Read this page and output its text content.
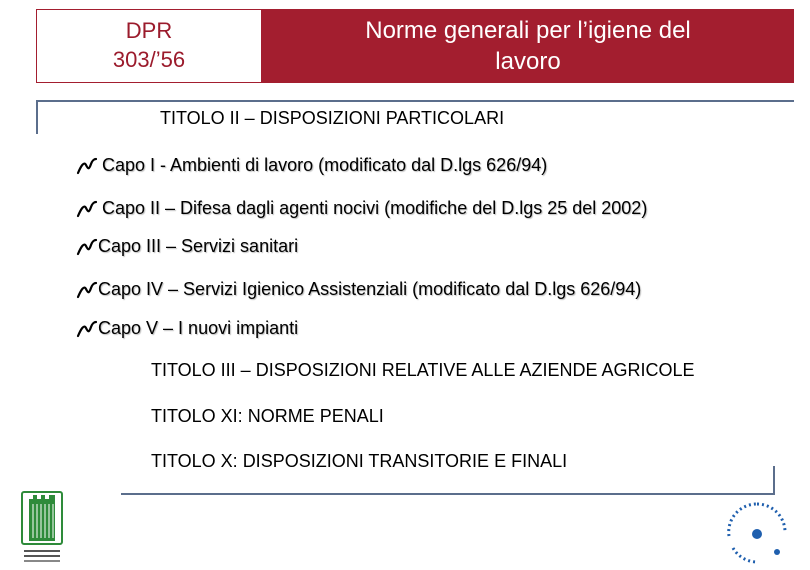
DPR
303/’56
Norme generali per l’igiene del
lavoro
TITOLO II – DISPOSIZIONI PARTICOLARI
Capo I - Ambienti di lavoro (modificato dal D.lgs 626/94)
Capo II – Difesa dagli agenti nocivi (modifiche del D.lgs 25 del 2002)
Capo III – Servizi sanitari
Capo IV – Servizi Igienico Assistenziali (modificato dal D.lgs 626/94)
Capo V – I nuovi impianti
TITOLO III – DISPOSIZIONI RELATIVE ALLE AZIENDE AGRICOLE
TITOLO XI: NORME PENALI
TITOLO X: DISPOSIZIONI TRANSITORIE E FINALI
